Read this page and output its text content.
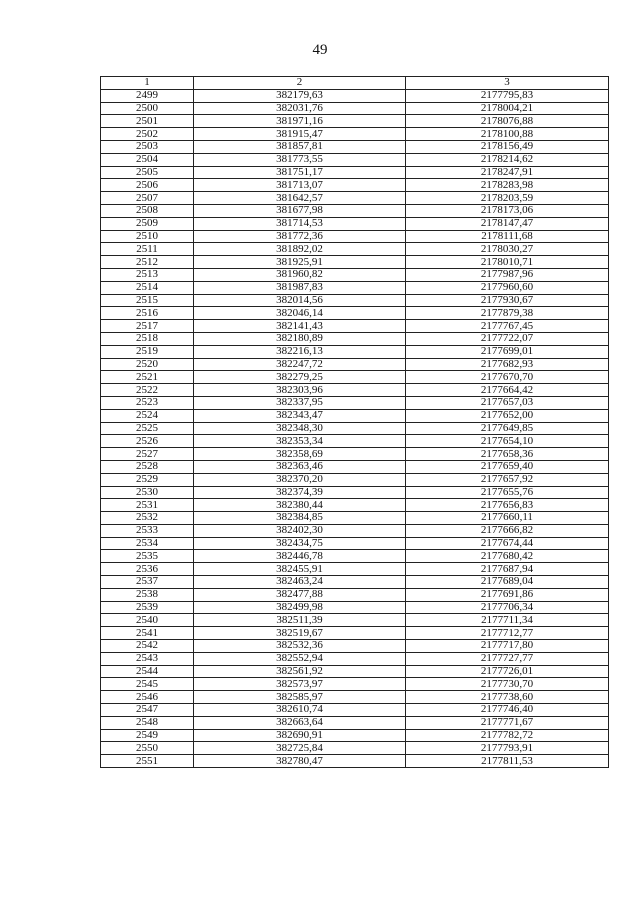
49
1	2	3
2499	382179,63	2177795,83
2500	382031,76	2178004,21
2501	381971,16	2178076,88
2502	381915,47	2178100,88
2503	381857,81	2178156,49
2504	381773,55	2178214,62
2505	381751,17	2178247,91
2506	381713,07	2178283,98
2507	381642,57	2178203,59
2508	381677,98	2178173,06
2509	381714,53	2178147,47
2510	381772,36	2178111,68
2511	381892,02	2178030,27
2512	381925,91	2178010,71
2513	381960,82	2177987,96
2514	381987,83	2177960,60
2515	382014,56	2177930,67
2516	382046,14	2177879,38
2517	382141,43	2177767,45
2518	382180,89	2177722,07
2519	382216,13	2177699,01
2520	382247,72	2177682,93
2521	382279,25	2177670,70
2522	382303,96	2177664,42
2523	382337,95	2177657,03
2524	382343,47	2177652,00
2525	382348,30	2177649,85
2526	382353,34	2177654,10
2527	382358,69	2177658,36
2528	382363,46	2177659,40
2529	382370,20	2177657,92
2530	382374,39	2177655,76
2531	382380,44	2177656,83
2532	382384,85	2177660,11
2533	382402,30	2177666,82
2534	382434,75	2177674,44
2535	382446,78	2177680,42
2536	382455,91	2177687,94
2537	382463,24	2177689,04
2538	382477,88	2177691,86
2539	382499,98	2177706,34
2540	382511,39	2177711,34
2541	382519,67	2177712,77
2542	382532,36	2177717,80
2543	382552,94	2177727,77
2544	382561,92	2177726,01
2545	382573,97	2177730,70
2546	382585,97	2177738,60
2547	382610,74	2177746,40
2548	382663,64	2177771,67
2549	382690,91	2177782,72
2550	382725,84	2177793,91
2551	382780,47	2177811,53
